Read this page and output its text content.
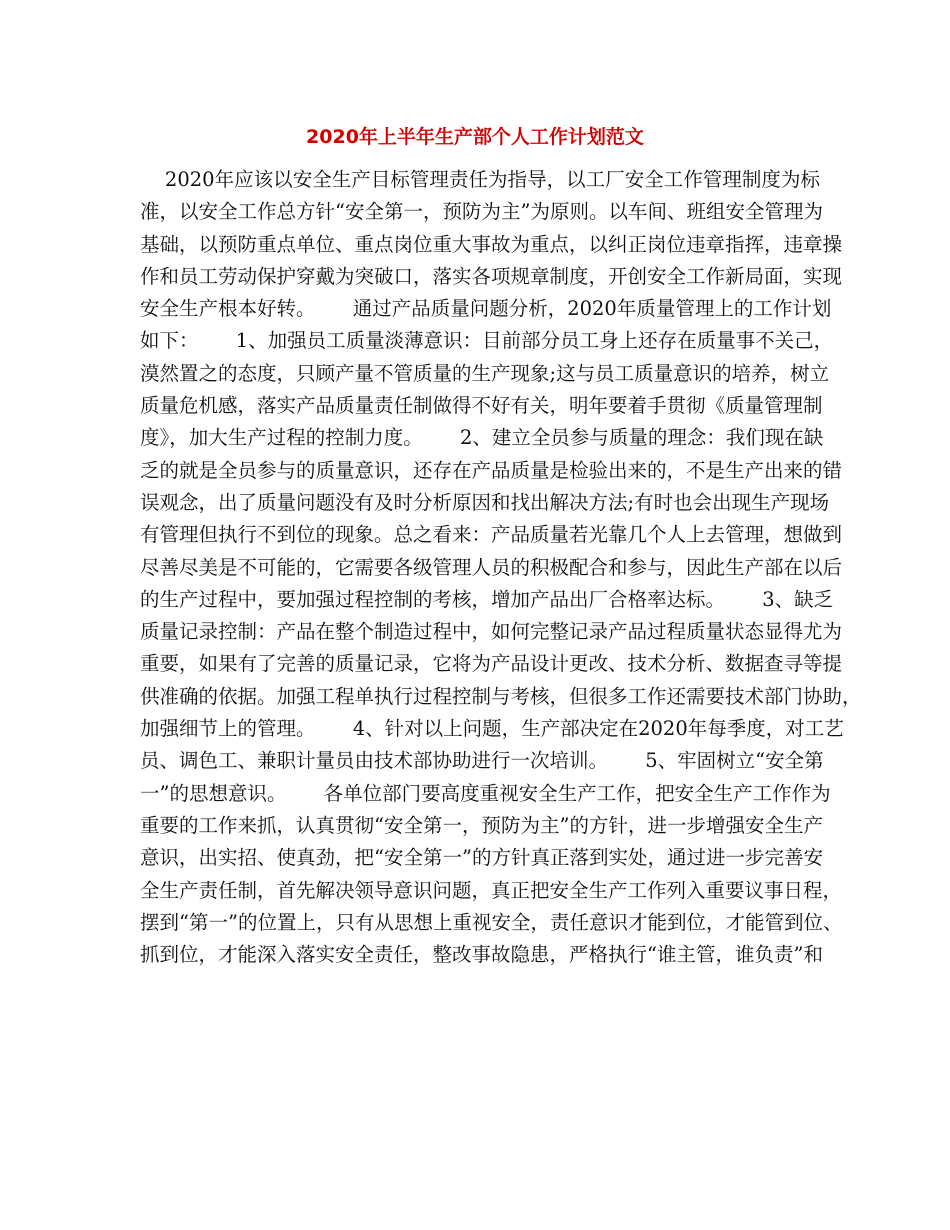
2020年上半年生产部个人工作计划范文
2020年应该以安全生产目标管理责任为指导，以工厂安全工作管理制度为标
准，以安全工作总方针“安全第一，预防为主”为原则。以车间、班组安全管理为
基础，以预防重点单位、重点岗位重大事故为重点，以纠正岗位违章指挥，违章操
作和员工劳动保护穿戴为突破口，落实各项规章制度，开创安全工作新局面，实现
安全生产根本好转。      通过产品质量问题分析，2020年质量管理上的工作计划
如下：      1、加强员工质量淡薄意识：目前部分员工身上还存在质量事不关己，
漠然置之的态度，只顾产量不管质量的生产现象;这与员工质量意识的培养，树立
质量危机感，落实产品质量责任制做得不好有关，明年要着手贯彻《质量管理制
度》，加大生产过程的控制力度。      2、建立全员参与质量的理念：我们现在缺
乏的就是全员参与的质量意识，还存在产品质量是检验出来的，不是生产出来的错
误观念，出了质量问题没有及时分析原因和找出解决方法;有时也会出现生产现场
有管理但执行不到位的现象。总之看来：产品质量若光靠几个人上去管理，想做到
尽善尽美是不可能的，它需要各级管理人员的积极配合和参与，因此生产部在以后
的生产过程中，要加强过程控制的考核，增加产品出厂合格率达标。      3、缺乏
质量记录控制：产品在整个制造过程中，如何完整记录产品过程质量状态显得尤为
重要，如果有了完善的质量记录，它将为产品设计更改、技术分析、数据查寻等提
供准确的依据。加强工程单执行过程控制与考核，但很多工作还需要技术部门协助，
加强细节上的管理。      4、针对以上问题，生产部决定在2020年每季度，对工艺
员、调色工、兼职计量员由技术部协助进行一次培训。      5、牢固树立“安全第
一”的思想意识。      各单位部门要高度重视安全生产工作，把安全生产工作作为
重要的工作来抓，认真贯彻“安全第一，预防为主”的方针，进一步增强安全生产
意识，出实招、使真劲，把“安全第一”的方针真正落到实处，通过进一步完善安
全生产责任制，首先解决领导意识问题，真正把安全生产工作列入重要议事日程，
摆到“第一”的位置上，只有从思想上重视安全，责任意识才能到位，才能管到位、
抓到位，才能深入落实安全责任，整改事故隐患，严格执行“谁主管，谁负责”和
